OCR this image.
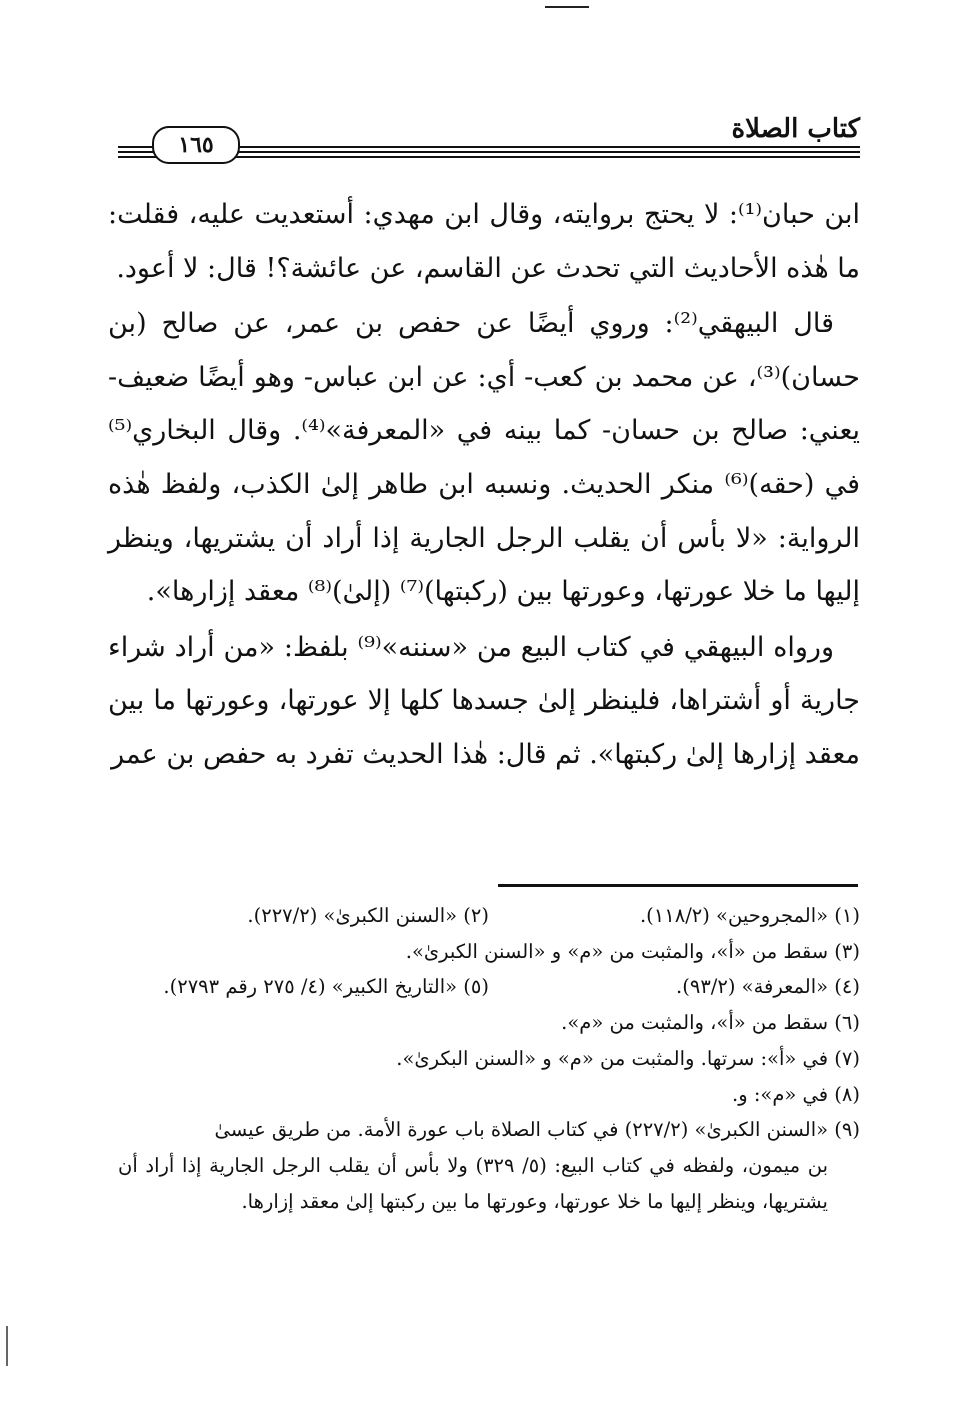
كتاب الصلاة
١٦٥

ابن حبان⁽¹⁾: لا يحتج بروايته، وقال ابن مهدي: أستعديت عليه، فقلت: ما هٰذه الأحاديث التي تحدث عن القاسم، عن عائشة؟! قال: لا أعود.

قال البيهقي⁽²⁾: وروي أيضًا عن حفص بن عمر، عن صالح (بن حسان)⁽³⁾، عن محمد بن كعب- أي: عن ابن عباس- وهو أيضًا ضعيف- يعني: صالح بن حسان- كما بينه في «المعرفة»⁽⁴⁾. وقال البخاري⁽⁵⁾ في (حقه)⁽⁶⁾ منكر الحديث. ونسبه ابن طاهر إلىٰ الكذب، ولفظ هٰذه الرواية: «لا بأس أن يقلب الرجل الجارية إذا أراد أن يشتريها، وينظر إليها ما خلا عورتها، وعورتها بين (ركبتها)⁽⁷⁾ (إلىٰ)⁽⁸⁾ معقد إزارها».

ورواه البيهقي في كتاب البيع من «سننه»⁽⁹⁾ بلفظ: «من أراد شراء جارية أو أشتراها، فلينظر إلىٰ جسدها كلها إلا عورتها، وعورتها ما بين معقد إزارها إلىٰ ركبتها». ثم قال: هٰذا الحديث تفرد به حفص بن عمر

(١) «المجروحين» (١١٨/٢).
(٢) «السنن الكبرىٰ» (٢٢٧/٢).
(٣) سقط من «أ»، والمثبت من «م» و «السنن الكبرىٰ».
(٤) «المعرفة» (٩٣/٢).
(٥) «التاريخ الكبير» (٤/ ٢٧٥ رقم ٢٧٩٣).
(٦) سقط من «أ»، والمثبت من «م».
(٧) في «أ»: سرتها. والمثبت من «م» و «السنن البكرىٰ».
(٨) في «م»: و.
(٩) «السنن الكبرىٰ» (٢٢٧/٢) في كتاب الصلاة باب عورة الأمة. من طريق عيسىٰ
بن ميمون، ولفظه في كتاب البيع: (٥/ ٣٢٩) ولا بأس أن يقلب الرجل الجارية إذا أراد أن يشتريها، وينظر إليها ما خلا عورتها، وعورتها ما بين ركبتها إلىٰ معقد إزارها.
